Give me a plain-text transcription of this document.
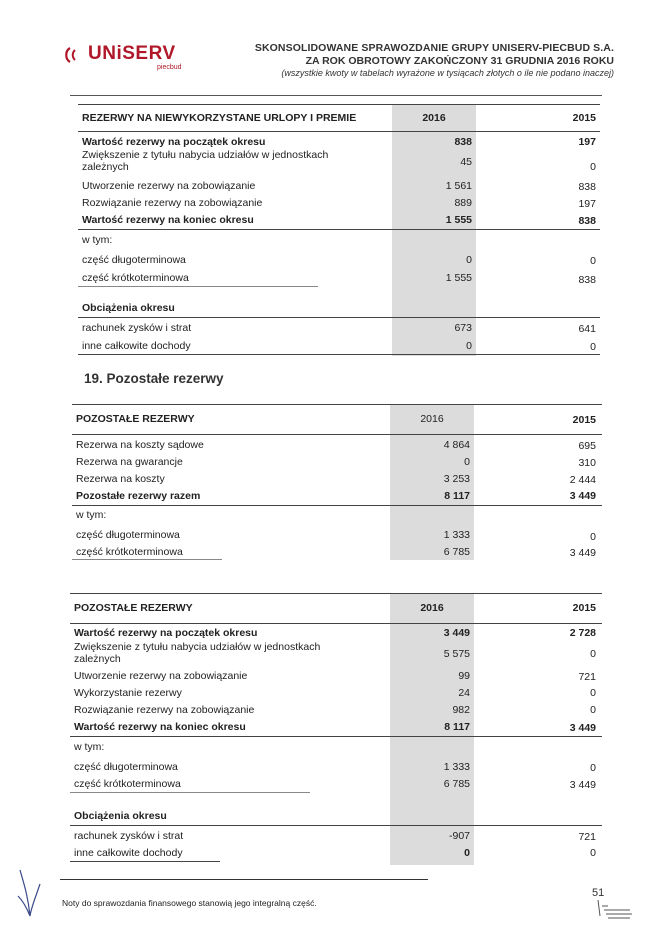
UNiSERV
piecbud
SKONSOLIDOWANE SPRAWOZDANIE GRUPY UNISERV-PIECBUD S.A.
ZA ROK OBROTOWY ZAKOŃCZONY 31 GRUDNIA 2016 ROKU
(wszystkie kwoty w tabelach wyrażone w tysiącach złotych o ile nie podano inaczej)
REZERWY NA NIEWYKORZYSTANE URLOPY I PREMIE	2016	2015
Wartość rezerwy na początek okresu	838	197
Zwiększenie z tytułu nabycia udziałów w jednostkach
zależnych	45	0
Utworzenie rezerwy na zobowiązanie	1 561	838
Rozwiązanie rezerwy na zobowiązanie	889	197
Wartość rezerwy na koniec okresu	1 555	838
w tym:
część długoterminowa	0	0
część krótkoterminowa	1 555	838
Obciążenia okresu
rachunek zysków i strat	673	641
inne całkowite dochody	0	0
19. Pozostałe rezerwy
POZOSTAŁE REZERWY	2016	2015
Rezerwa na koszty sądowe	4 864	695
Rezerwa na gwarancje	0	310
Rezerwa na koszty	3 253	2 444
Pozostałe rezerwy razem	8 117	3 449
w tym:
część długoterminowa	1 333	0
część krótkoterminowa	6 785	3 449
POZOSTAŁE REZERWY	2016	2015
Wartość rezerwy na początek okresu	3 449	2 728
Zwiększenie z tytułu nabycia udziałów w jednostkach
zależnych	5 575	0
Utworzenie rezerwy na zobowiązanie	99	721
Wykorzystanie rezerwy	24	0
Rozwiązanie rezerwy na zobowiązanie	982	0
Wartość rezerwy na koniec okresu	8 117	3 449
w tym:
część długoterminowa	1 333	0
część krótkoterminowa	6 785	3 449
Obciążenia okresu
rachunek zysków i strat	-907	721
inne całkowite dochody	0	0
Noty do sprawozdania finansowego stanowią jego integralną część.
51
